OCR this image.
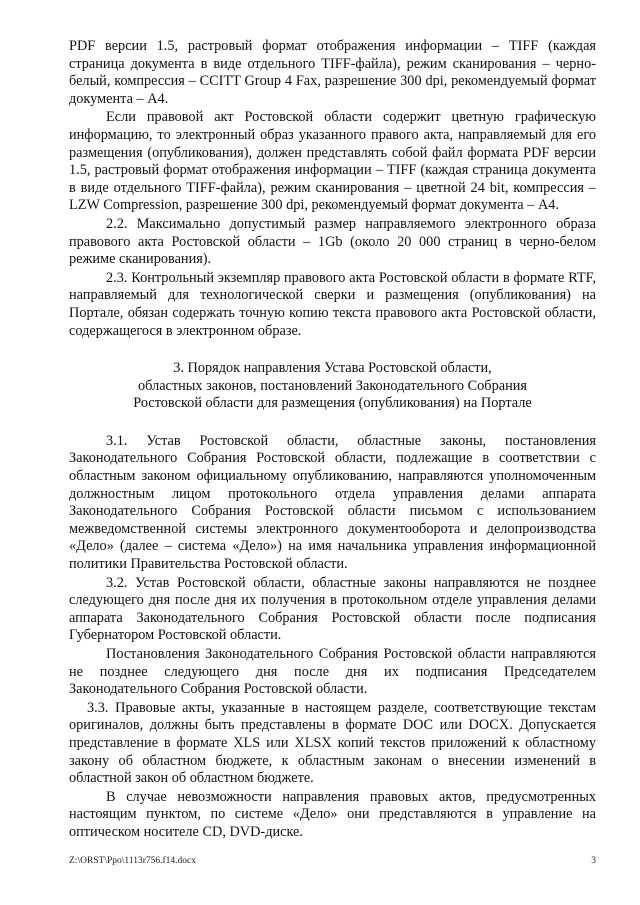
PDF версии 1.5, растровый формат отображения информации – TIFF (каждая страница документа в виде отдельного TIFF-файла), режим сканирования – черно-белый, компрессия – CCITT Group 4 Fax, разрешение 300 dpi, рекомендуемый формат документа – A4.

Если правовой акт Ростовской области содержит цветную графическую информацию, то электронный образ указанного правого акта, направляемый для его размещения (опубликования), должен представлять собой файл формата PDF версии 1.5, растровый формат отображения информации – TIFF (каждая страница документа в виде отдельного TIFF-файла), режим сканирования – цветной 24 bit, компрессия – LZW Compression, разрешение 300 dpi, рекомендуемый формат документа – A4.

2.2. Максимально допустимый размер направляемого электронного образа правового акта Ростовской области – 1Gb (около 20 000 страниц в черно-белом режиме сканирования).

2.3. Контрольный экземпляр правового акта Ростовской области в формате RTF, направляемый для технологической сверки и размещения (опубликования) на Портале, обязан содержать точную копию текста правового акта Ростовской области, содержащегося в электронном образе.

3. Порядок направления Устава Ростовской области,
областных законов, постановлений Законодательного Собрания
Ростовской области для размещения (опубликования) на Портале

3.1. Устав Ростовской области, областные законы, постановления Законодательного Собрания Ростовской области, подлежащие в соответствии с областным законом официальному опубликованию, направляются уполномоченным должностным лицом протокольного отдела управления делами аппарата Законодательного Собрания Ростовской области письмом с использованием межведомственной системы электронного документооборота и делопроизводства «Дело» (далее – система «Дело») на имя начальника управления информационной политики Правительства Ростовской области.

3.2. Устав Ростовской области, областные законы направляются не позднее следующего дня после дня их получения в протокольном отделе управления делами аппарата Законодательного Собрания Ростовской области после подписания Губернатором Ростовской области.

Постановления Законодательного Собрания Ростовской области направляются не позднее следующего дня после дня их подписания Председателем Законодательного Собрания Ростовской области.

3.3. Правовые акты, указанные в настоящем разделе, соответствующие текстам оригиналов, должны быть представлены в формате DOC или DOCX. Допускается представление в формате XLS или XLSX копий текстов приложений к областному закону об областном бюджете, к областным законам о внесении изменений в областной закон об областном бюджете.

В случае невозможности направления правовых актов, предусмотренных настоящим пунктом, по системе «Дело» они представляются в управление на оптическом носителе CD, DVD-диске.

Z:\ORST\Ppo\1113r756.f14.docx	3
